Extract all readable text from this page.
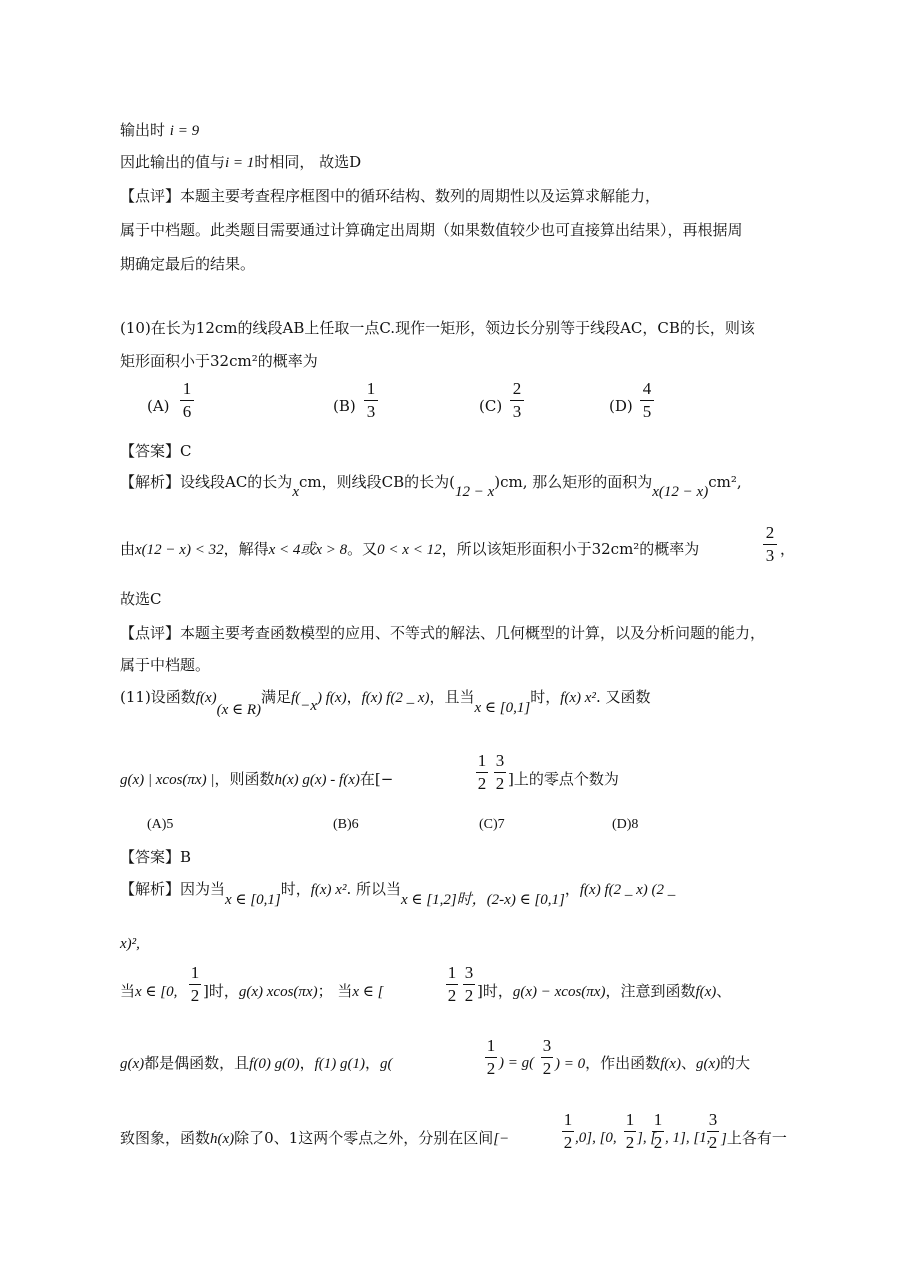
输出时 i = 9
因此输出的值与i = 1时相同， 故选D
【点评】本题主要考查程序框图中的循环结构、数列的周期性以及运算求解能力，
属于中档题。此类题目需要通过计算确定出周期（如果数值较少也可直接算出结果），再根据周
期确定最后的结果。
(10)在长为12cm的线段AB上任取一点C.现作一矩形，领边长分别等于线段AC，CB的长，则该
矩形面积小于32cm²的概率为
(A)
1
6	(B)
1
3	(C)
2
3	(D)
4
5
【答案】C
【解析】设线段AC的长为xcm，则线段CB的长为(12 − x)cm, 那么矩形的面积为x(12 − x)cm²,
由x(12 − x) < 32，解得x < 4或x > 8。又0 < x < 12，所以该矩形面积小于32cm²的概率为
2
3 ，
故选C
【点评】本题主要考查函数模型的应用、不等式的解法、几何概型的计算，以及分析问题的能力，
属于中档题。
(11)设函数f(x)(x ∈ R)满足f(−x) f(x)，f(x) f(2 _ x)，且当x ∈ [0,1]时，f(x) x². 又函数
g(x) | xcos(πx) |，则函数h(x) g(x) - f(x)在[−
1
2
3
2 ]上的零点个数为
(A)5	(B)6	(C)7	(D)8
【答案】B
【解析】因为当x ∈ [0,1]时，f(x) x². 所以当x ∈ [1,2]时，(2-x) ∈ [0,1]，f(x) f(2 _ x) (2 _
x)²,
当x ∈ [0,
1
2 ]时，g(x) xcos(πx)； 当x ∈ [
1
2
3
2 ]时，g(x) − xcos(πx)，注意到函数f(x)、
g(x)都是偶函数，且f(0) g(0)，f(1) g(1)，g(
1
2 ) = g(
3
2 ) = 0，作出函数f(x)、g(x)的大
致图象，函数h(x)除了0、1这两个零点之外，分别在区间[−
1
2 ,0], [0,
1
2 ], [
1
2 , 1], [1,
3
2 ]上各有一
